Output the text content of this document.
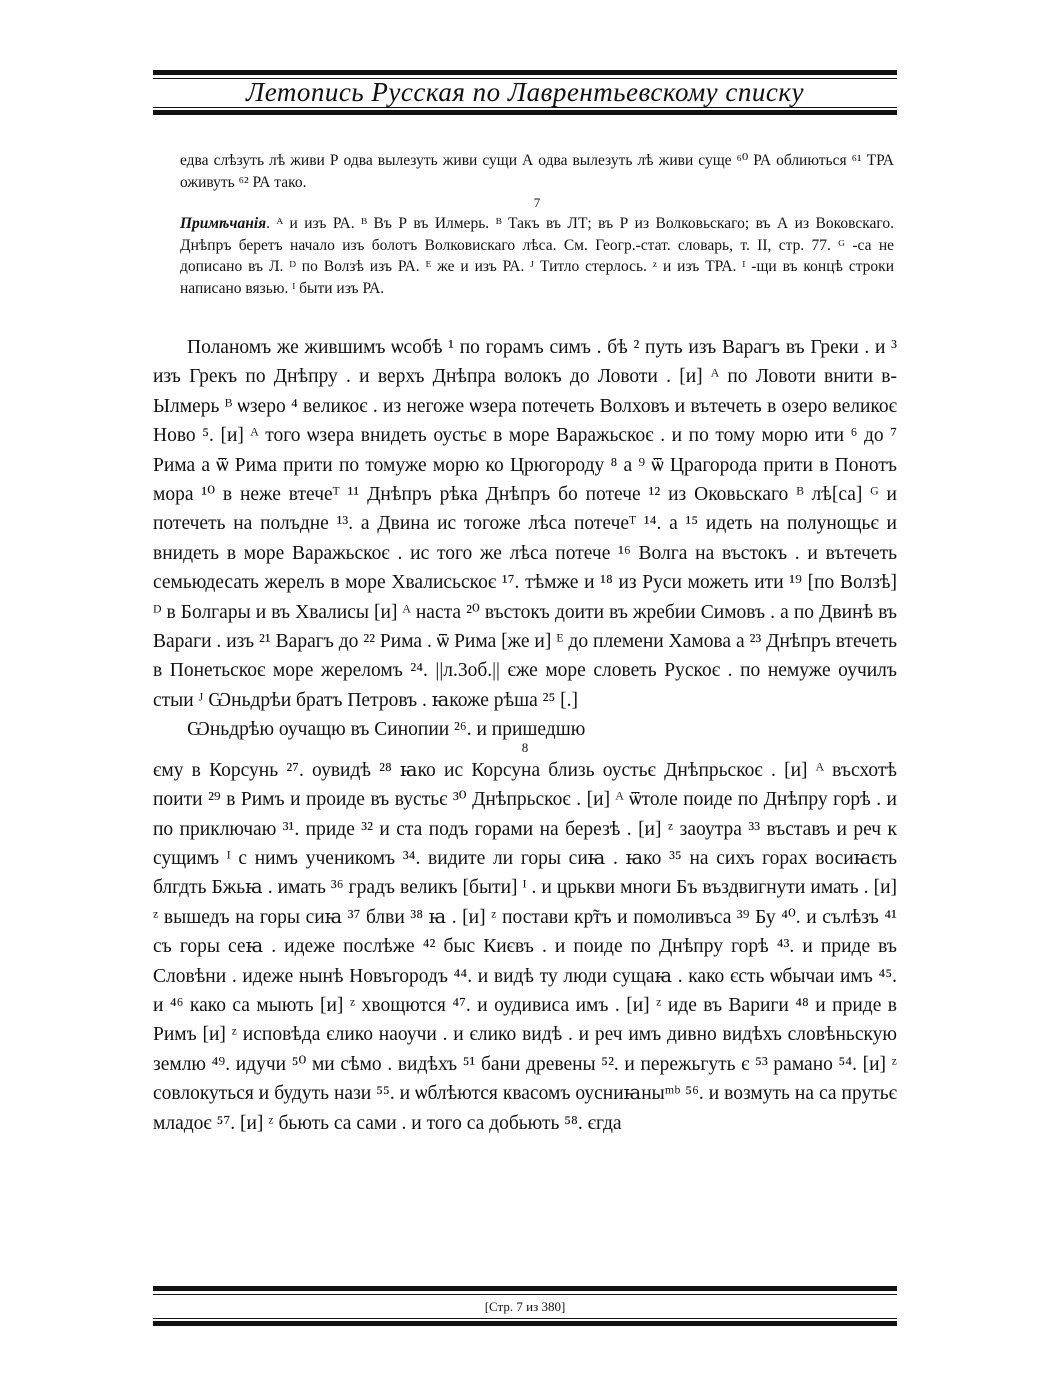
Летопись Русская по Лаврентьевскому списку

едва слѣзуть лѣ живи Р одва вылезуть живи сущи А одва вылезуть лѣ живи суще ⁶⁰ РА облиються ⁶¹ ТРА оживуть ⁶² РА тако.

7

Примѣчанія. ᴬ и изъ РА. ᴮ Въ Р въ Илмерь. ᴮ Такъ въ ЛТ; въ Р из Волковьскаго; въ А из Воковскаго. Днѣпръ беретъ начало изъ болотъ Волковискаго лѣса. См. Геогр.-стат. словарь, т. II, стр. 77. ᴳ -са не дописано въ Л. ᴰ по Волзѣ изъ РА. ᴱ же и изъ РА. ᴶ Титло стерлось. ᶻ и изъ ТРА. ᴵ -щи въ концѣ строки написано вязью. ᴵ быти изъ РА.

Поланомъ же жившимъ ѡсобѣ ¹ по горамъ симъ . бѣ ² путь изъ Варагъ въ Греки . и ³ изъ Грекъ по Днѣпру . и верхъ Днѣпра волокъ до Ловоти . [и] ᴬ по Ловоти внити в-Ылмерь ᴮ ѡзеро ⁴ великоє . из негоже ѡзера потечеть Волховъ и вътечеть в озеро великоє Ново ⁵. [и] ᴬ того ѡзера внидеть оустьє в море Варажьскоє . и по тому морю ити ⁶ до ⁷ Рима а ѿ Рима прити по томуже морю ко Црюгороду ⁸ а ⁹ ѿ Црагорода прити в Понотъ мора ¹⁰ в неже втечеᵀ ¹¹ Днѣпръ рѣка Днѣпръ бо потече ¹² из Оковьскаго ᴮ лѣ[са] ᴳ и потечеть на полъдне ¹³. а Двина ис тогоже лѣса потечеᵀ ¹⁴. а ¹⁵ идеть на полунощьє и внидеть в море Варажьскоє . ис того же лѣса потече ¹⁶ Волга на въстокъ . и вътечеть семьюдесать жерелъ в море Хвалисьскоє ¹⁷. тѣмже и ¹⁸ из Руси можеть ити ¹⁹ [по Волзѣ] ᴰ в Болгары и въ Хвалисы [и] ᴬ наста ²⁰ въстокъ доити въ жребии Симовъ . а по Двинѣ въ Вараги . изъ ²¹ Варагъ до ²² Рима . ѿ Рима [же и] ᴱ до племени Хамова а ²³ Днѣпръ втечеть в Понетьскоє море жереломъ ²⁴. ||л.3об.|| єже море словеть Рускоє . по немуже оучилъ стыи ᴶ Ѡньдрѣи братъ Петровъ . ꙗкоже рѣша ²⁵ [.]

Ѡньдрѣю оучащю въ Синопии ²⁶. и пришедшю

8

єму в Корсунь ²⁷. оувидѣ ²⁸ ꙗко ис Корсуна близь оустьє Днѣпрьскоє . [и] ᴬ въсхотѣ поити ²⁹ в Римъ и проиде въ вустьє ³⁰ Днѣпрьскоє . [и] ᴬ ѿтоле поиде по Днѣпру горѣ . и по приключаю ³¹. приде ³² и ста подъ горами на березѣ . [и] ᶻ заоутра ³³ въставъ и реч к сущимъ ᴵ с нимъ ученикомъ ³⁴. видите ли горы сиꙗ . ꙗко ³⁵ на сихъ горах восиꙗєть блгдть Бжьꙗ . имать ³⁶ градъ великъ [быти] ᴵ . и црькви многи Бъ въздвигнути имать . [и] ᶻ вышедъ на горы сиꙗ ³⁷ блви ³⁸ ꙗ . [и] ᶻ постави кр̃тъ и помоливъса ³⁹ Бу ⁴⁰. и сълѣзъ ⁴¹ съ горы сеꙗ . идеже послѣже ⁴² быс Києвъ . и поиде по Днѣпру горѣ ⁴³. и приде въ Словѣни . идеже нынѣ Новъгородъ ⁴⁴. и видѣ ту люди сущаꙗ . како єсть ѡбычаи имъ ⁴⁵. и ⁴⁶ како са мыють [и] ᶻ хвощются ⁴⁷. и оудивиса имъ . [и] ᶻ иде въ Вариги ⁴⁸ и приде в Римъ [и] ᶻ исповѣда єлико наоучи . и єлико видѣ . и реч имъ дивно видѣхъ словѣньскую землю ⁴⁹. идучи ⁵⁰ ми сѣмо . видѣхъ ⁵¹ бани древены ⁵². и пережьгуть є ⁵³ рамано ⁵⁴. [и] ᶻ совлокуться и будуть нази ⁵⁵. и ѡблѣются квасомъ оусниꙗныᵐᵇ ⁵⁶. и возмуть на са прутьє младоє ⁵⁷. [и] ᶻ бьють са сами . и того са добьють ⁵⁸. єгда

[Стр. 7 из 380]
